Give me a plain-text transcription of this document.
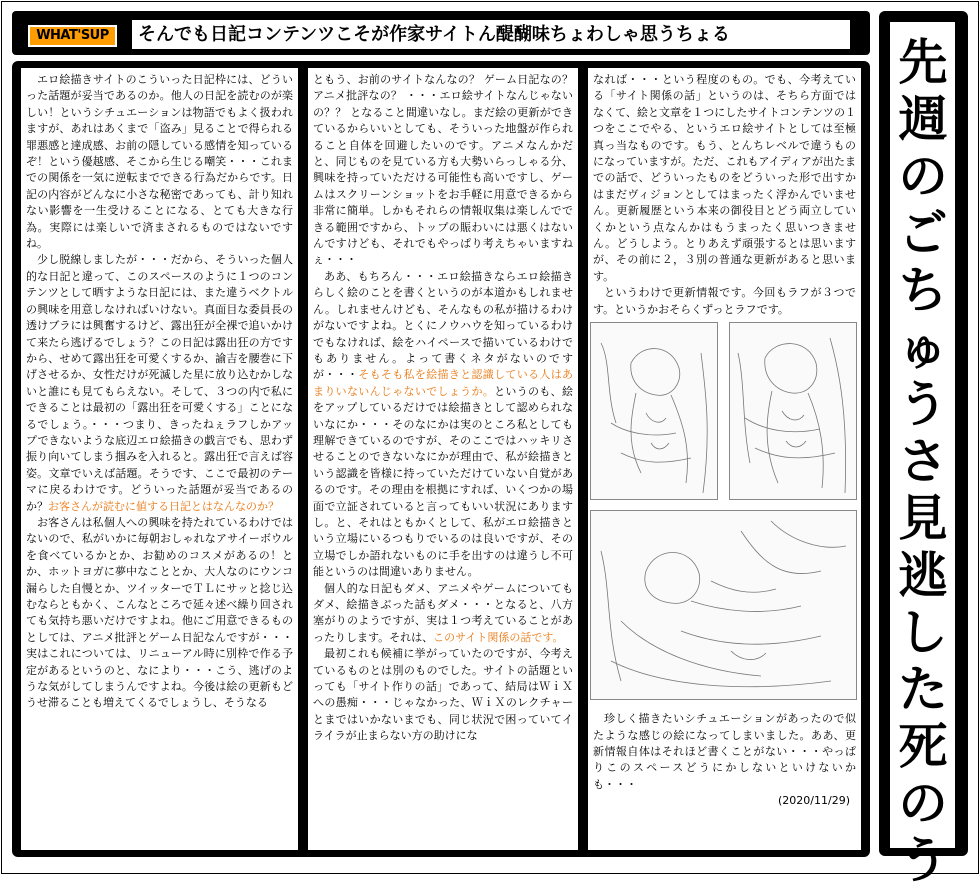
WHAT'SUP	そんでも日記コンテンツこそが作家サイトん醍醐味ちょわしゃ思うちょる	先週のごちゅうさ見逃した死のう

エロ絵描きサイトのこういった日記枠には、どういった話題が妥当であるのか。他人の日記を読むのが楽しい！というシチュエーションは物語でもよく扱われますが、あれはあくまで「盗み」見ることで得られる罪悪感と達成感、お前の隠している感情を知っているぞ！という優越感、そこから生じる嘲笑・・・これまでの関係を一気に逆転までできる行為だからです。日記の内容がどんなに小さな秘密であっても、計り知れない影響を一生受けることになる、とても大きな行為。実際には楽しいで済まされるものではないですね。

少し脱線しましたが・・・だから、そういった個人的な日記と違って、このスペースのように１つのコンテンツとして晒すような日記には、また違うベクトルの興味を用意しなければいけない。真面目な委員長の透けブラには興奮するけど、露出狂が全裸で追いかけて来たら逃げるでしょう？この日記は露出狂の方ですから、せめて露出狂を可愛くするか、諭吉を腰巻に下げさせるか、女性だけが死滅した星に放り込むかしないと誰にも見てもらえない。そして、３つの内で私にできることは最初の「露出狂を可愛くする」ことになるでしょう。・・・つまり、きったねぇラフしかアップできないような底辺エロ絵描きの戯言でも、思わず振り向いてしまう掴みを入れると。露出狂で言えば容姿。文章でいえば話題。そうです、ここで最初のテーマに戻るわけです。どういった話題が妥当であるのか？お客さんが読むに値する日記とはなんなのか？

お客さんは私個人への興味を持たれているわけではないので、私がいかに毎朝おしゃれなアサイーボウルを食べているかとか、お勧めのコスメがあるの！とか、ホットヨガに夢中なこととか、大人なのにウンコ漏らした自慢とか、ツイッターでＴＬにサッと捻じ込むならともかく、こんなところで延々述べ繰り回されても気持ち悪いだけですよね。他にご用意できるものとしては、アニメ批評とゲーム日記なんですが・・・実はこれについては、リニューアル時に別枠で作る予定があるというのと、なにより・・・こう、逃げのような気がしてしまうんですよね。今後は絵の更新もどうせ滞ることも増えてくるでしょうし、そうなる

ともう、お前のサイトなんなの？ ゲーム日記なの？ アニメ批評なの？ ・・・エロ絵サイトなんじゃないの？？ となること間違いなし。まだ絵の更新ができているからいいとしても、そういった地盤が作られること自体を回避したいのです。アニメなんかだと、同じものを見ている方も大勢いらっしゃる分、興味を持っていただける可能性も高いですし、ゲームはスクリーンショットをお手軽に用意できるから非常に簡単。しかもそれらの情報収集は楽しんでできる範囲ですから、トップの賑わいには悪くはないんですけども、それでもやっぱり考えちゃいますねぇ・・・

ああ、もちろん・・・エロ絵描きならエロ絵描きらしく絵のことを書くというのが本道かもしれません。しれませんけども、そんなもの私が描けるわけがないですよね。とくにノウハウを知っているわけでもなければ、絵をハイペースで描いているわけでもありません。よって書くネタがないのですが・・・そもそも私を絵描きと認識している人はあまりいないんじゃないでしょうか。というのも、絵をアップしているだけでは絵描きとして認められないなにか・・・そのなにかは実のところ私としても理解できているのですが、そのここではハッキリさせることのできないなにかが理由で、私が絵描きという認識を皆様に持っていただけていない自覚があるのです。その理由を根拠にすれば、いくつかの場面で立証されていると言ってもいい状況にありますし。と、それはともかくとして、私がエロ絵描きという立場にいるつもりでいるのは良いですが、その立場でしか語れないものに手を出すのは違うし不可能というのは間違いありません。

個人的な日記もダメ、アニメやゲームについてもダメ、絵描きぶった話もダメ・・・となると、八方塞がりのようですが、実は１つ考えていることがあったりします。それは、このサイト関係の話です。

最初これも候補に挙がっていたのですが、今考えているものとは別のものでした。サイトの話題といっても「サイト作りの話」であって、結局はＷｉＸへの愚痴・・・じゃなかった、ＷｉＸのレクチャーとまではいかないまでも、同じ状況で困っていてイライラが止まらない方の助けにな

なれば・・・という程度のもの。でも、今考えている「サイト関係の話」というのは、そちら方面ではなくて、絵と文章を１つにしたサイトコンテンツの１つをここでやる、というエロ絵サイトとしては至極真っ当なものです。もう、とんちレベルで違うものになっていますが。ただ、これもアイディアが出たまでの話で、どういったものをどういった形で出すかはまだヴィジョンとしてはまったく浮かんでいません。更新履歴という本来の御役目とどう両立していくかという点なんかはもうまったく思いつきません。どうしよう。とりあえず頑張するとは思いますが、その前に２，３別の普通な更新があると思います。

というわけで更新情報です。今回もラフが３つです。というかおそらくずっとラフです。

珍しく描きたいシチュエーションがあったので似たような感じの絵になってしまいました。ああ、更新情報自体はそれほど書くことがない・・・やっぱりこのスペースどうにかしないといけないかも・・・

(2020/11/29)
